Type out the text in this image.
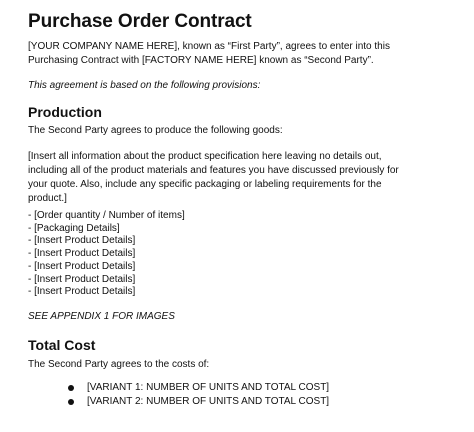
Purchase Order Contract

[YOUR COMPANY NAME HERE], known as “First Party”, agrees to enter into this
Purchasing Contract with [FACTORY NAME HERE] known as “Second Party”.

This agreement is based on the following provisions:

Production

The Second Party agrees to produce the following goods:

[Insert all information about the product specification here leaving no details out,
including all of the product materials and features you have discussed previously for
your quote. Also, include any specific packaging or labeling requirements for the
product.]

- [Order quantity / Number of items]
- [Packaging Details]
- [Insert Product Details]
- [Insert Product Details]
- [Insert Product Details]
- [Insert Product Details]
- [Insert Product Details]

SEE APPENDIX 1 FOR IMAGES

Total Cost

The Second Party agrees to the costs of:

[VARIANT 1: NUMBER OF UNITS AND TOTAL COST]
[VARIANT 2: NUMBER OF UNITS AND TOTAL COST]
